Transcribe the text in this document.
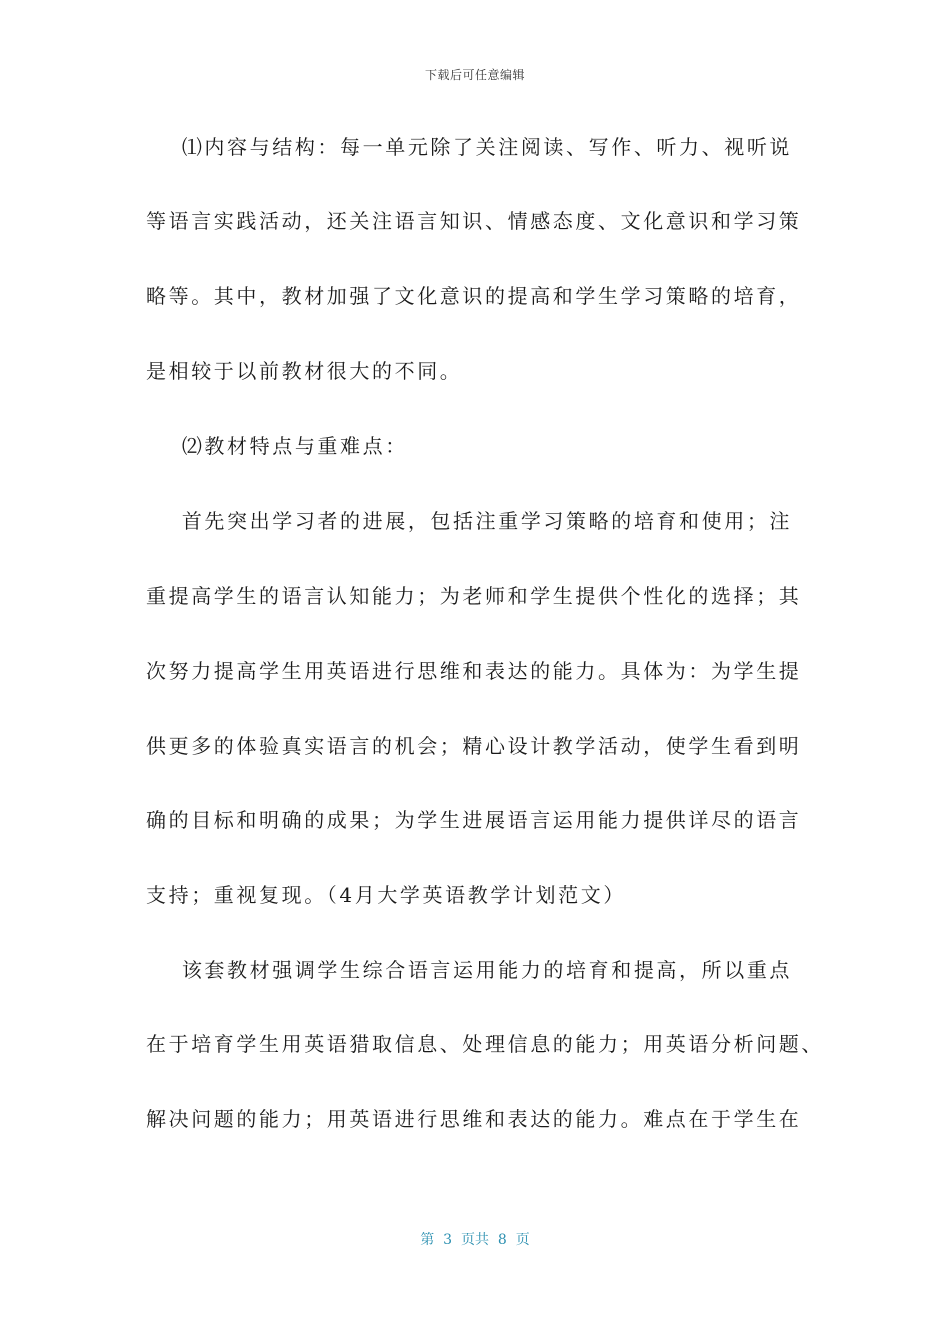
下载后可任意编辑
⑴内容与结构：每一单元除了关注阅读、写作、听力、视听说
等语言实践活动，还关注语言知识、情感态度、文化意识和学习策
略等。其中，教材加强了文化意识的提高和学生学习策略的培育，
是相较于以前教材很大的不同。
⑵教材特点与重难点：
首先突出学习者的进展，包括注重学习策略的培育和使用；注
重提高学生的语言认知能力；为老师和学生提供个性化的选择；其
次努力提高学生用英语进行思维和表达的能力。具体为：为学生提
供更多的体验真实语言的机会；精心设计教学活动，使学生看到明
确的目标和明确的成果；为学生进展语言运用能力提供详尽的语言
支持；重视复现。（4月大学英语教学计划范文）
该套教材强调学生综合语言运用能力的培育和提高，所以重点
在于培育学生用英语猎取信息、处理信息的能力；用英语分析问题、
解决问题的能力；用英语进行思维和表达的能力。难点在于学生在
第  3  页共  8  页
